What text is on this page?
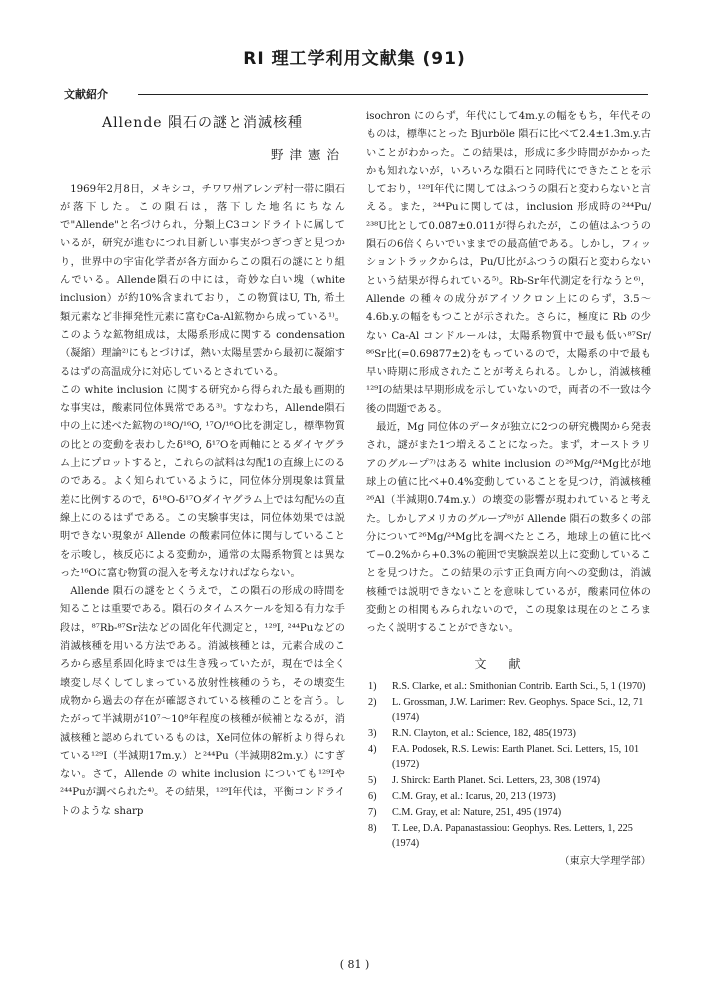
RI 理工学利用文献集 (91)
文献紹介
Allende 隕石の謎と消滅核種
野津憲治

1969年2月8日，メキシコ，チワワ州アレンデ村一帯に隕石が落下した。この隕石は，落下した地名にちなんで"Allende"と名づけられ，分類上C3コンドライトに属しているが，研究が進むにつれ目新しい事実がつぎつぎと見つかり，世界中の宇宙化学者が各方面からこの隕石の謎にとり組んでいる。Allende隕石の中には，奇妙な白い塊（white inclusion）が約10%含まれており，この物質はU, Th, 希土類元素など非揮発性元素に富むCa-Al鉱物から成っている¹⁾。このような鉱物組成は，太陽系形成に関する condensation（凝縮）理論²⁾にもとづけば，熱い太陽星雲から最初に凝縮するはずの高温成分に対応しているとされている。

この white inclusion に関する研究から得られた最も画期的な事実は，酸素同位体異常である³⁾。すなわち，Allende隕石中の上に述べた鉱物の¹⁸O/¹⁶O, ¹⁷O/¹⁶O比を測定し，標準物質の比との変動を表わしたδ¹⁸O, δ¹⁷Oを両軸にとるダイヤグラム上にプロットすると，これらの試料は勾配1の直線上にのるのである。よく知られているように，同位体分別現象は質量差に比例するので，δ¹⁸O-δ¹⁷Oダイヤグラム上では勾配½の直線上にのるはずである。この実験事実は，同位体効果では説明できない現象が Allende の酸素同位体に関与していることを示唆し，核反応による変動か，通常の太陽系物質とは異なった¹⁶Oに富む物質の混入を考えなければならない。

Allende 隕石の謎をとくうえで，この隕石の形成の時間を知ることは重要である。隕石のタイムスケールを知る有力な手段は，⁸⁷Rb-⁸⁷Sr法などの固化年代測定と，¹²⁹I, ²⁴⁴Puなどの消滅核種を用いる方法である。消滅核種とは，元素合成のころから惑星系固化時までは生き残っていたが，現在では全く壊変し尽くしてしまっている放射性核種のうち，その壊変生成物から過去の存在が確認されている核種のことを言う。したがって半減期が10⁷～10⁸年程度の核種が候補となるが，消滅核種と認められているものは，Xe同位体の解析より得られている¹²⁹I（半減期17m.y.）と²⁴⁴Pu（半減期82m.y.）にすぎない。さて，Allende の white inclusion についても¹²⁹Iや²⁴⁴Puが調べられた⁴⁾。その結果，¹²⁹I年代は，平衡コンドライトのような sharp

isochron にのらず，年代にして4m.y.の幅をもち，年代そのものは，標準にとった Bjurböle 隕石に比べて2.4±1.3m.y.古いことがわかった。この結果は，形成に多少時間がかかったかも知れないが，いろいろな隕石と同時代にできたことを示しており，¹²⁹I年代に関してはふつうの隕石と変わらないと言える。また，²⁴⁴Puに関しては，inclusion 形成時の²⁴⁴Pu/²³⁸U比として0.087±0.011が得られたが，この値はふつうの隕石の6倍くらいでいままでの最高値である。しかし，フィッショントラックからは，Pu/U比がふつうの隕石と変わらないという結果が得られている⁵⁾。Rb-Sr年代測定を行なうと⁶⁾，Allende の種々の成分がアイソクロン上にのらず，3.5～4.6b.y.の幅をもつことが示された。さらに，極度に Rb の少ない Ca-Al コンドルールは，太陽系物質中で最も低い⁸⁷Sr/⁸⁶Sr比(=0.69877±2)をもっているので，太陽系の中で最も早い時期に形成されたことが考えられる。しかし，消滅核種¹²⁹Iの結果は早期形成を示していないので，両者の不一致は今後の問題である。

最近，Mg 同位体のデータが独立に2つの研究機関から発表され，謎がまた1つ増えることになった。まず，オーストラリアのグループ⁷⁾はある white inclusion の²⁶Mg/²⁴Mg比が地球上の値に比べ+0.4%変動していることを見つけ，消滅核種²⁶Al（半減期0.74m.y.）の壊変の影響が現われていると考えた。しかしアメリカのグループ⁸⁾が Allende 隕石の数多くの部分について²⁶Mg/²⁴Mg比を調べたところ，地球上の値に比べて−0.2%から+0.3%の範囲で実験誤差以上に変動していることを見つけた。この結果の示す正負両方向への変動は，消滅核種では説明できないことを意味しているが，酸素同位体の変動との相関もみられないので，この現象は現在のところまったく説明することができない。

文献
1) R.S. Clarke, et al.: Smithonian Contrib. Earth Sci., 5, 1 (1970)
2) L. Grossman, J.W. Larimer: Rev. Geophys. Space Sci., 12, 71 (1974)
3) R.N. Clayton, et al.: Science, 182, 485(1973)
4) F.A. Podosek, R.S. Lewis: Earth Planet. Sci. Letters, 15, 101 (1972)
5) J. Shirck: Earth Planet. Sci. Letters, 23, 308 (1974)
6) C.M. Gray, et al.: Icarus, 20, 213 (1973)
7) C.M. Gray, et al: Nature, 251, 495 (1974)
8) T. Lee, D.A. Papanastassiou: Geophys. Res. Letters, 1, 225 (1974)
（東京大学理学部）
( 81 )
